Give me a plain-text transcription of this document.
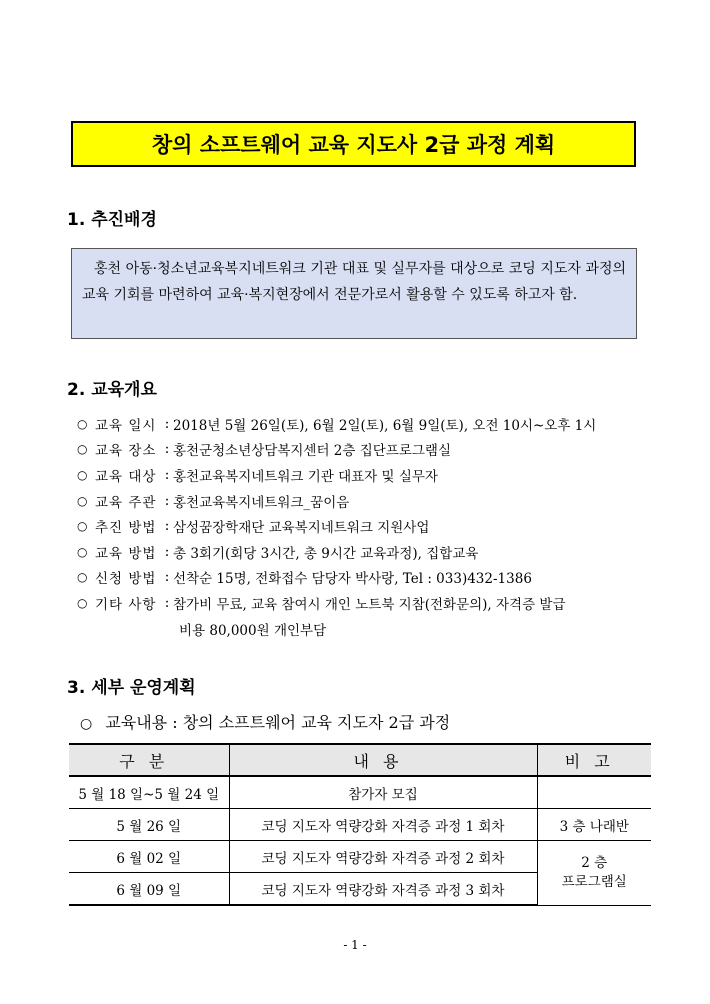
창의 소프트웨어 교육 지도사 2급 과정 계획
1. 추진배경
홍천 아동·청소년교육복지네트워크 기관 대표 및 실무자를 대상으로 코딩 지도자 과정의 교육 기회를 마련하여 교육·복지현장에서 전문가로서 활용할 수 있도록 하고자 함.
2. 교육개요
○ 교육 일시 : 2018년 5월 26일(토), 6월 2일(토), 6월 9일(토), 오전 10시~오후 1시
○ 교육 장소 : 홍천군청소년상담복지센터 2층 집단프로그램실
○ 교육 대상 : 홍천교육복지네트워크 기관 대표자 및 실무자
○ 교육 주관 : 홍천교육복지네트워크_꿈이음
○ 추진 방법 : 삼성꿈장학재단 교육복지네트워크 지원사업
○ 교육 방법 : 총 3회기(회당 3시간, 총 9시간 교육과정), 집합교육
○ 신청 방법 : 선착순 15명, 전화접수 담당자 박사랑, Tel : 033)432-1386
○ 기타 사항 : 참가비 무료, 교육 참여시 개인 노트북 지참(전화문의), 자격증 발급
비용 80,000원 개인부담
3. 세부 운영계획
○ 교육내용 : 창의 소프트웨어 교육 지도자 2급 과정
구분	내용	비고
5 월 18 일~5 월 24 일	참가자 모집	
5 월 26 일	코딩 지도자 역량강화 자격증 과정 1 회차	3 층 나래반
6 월 02 일	코딩 지도자 역량강화 자격증 과정 2 회차	2 층
프로그램실
6 월 09 일	코딩 지도자 역량강화 자격증 과정 3 회차	
- 1 -
